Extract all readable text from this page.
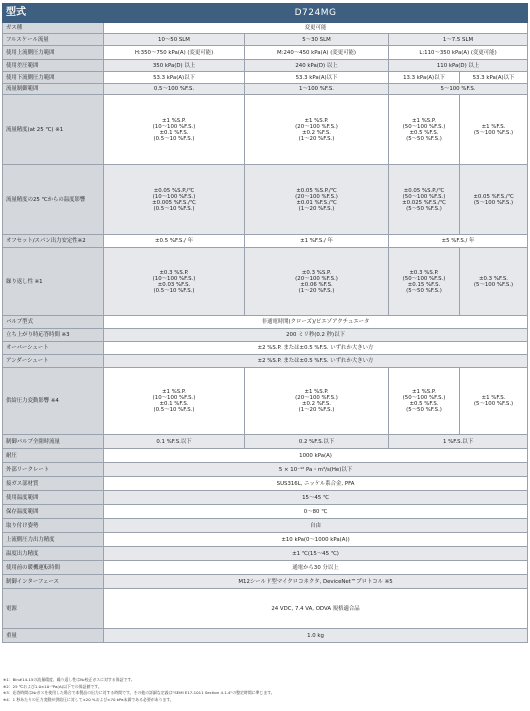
型式	D724MG			
ガス種	変更可能			
フルスケール流量	10〜50 SLM	5〜30 SLM	1〜7.5 SLM	
使用上流側圧力範囲	H:350〜750 kPa(A) (変更可能)	M:240〜450 kPa(A) (変更可能)	L:110〜350 kPa(A) (変更可能)	
使用差圧範囲	350 kPa(D) 以上	240 kPa(D) 以上	110 kPa(D) 以上	
使用下流側圧力範囲	53.3 kPa(A)以下	53.3 kPa(A)以下	13.3 kPa(A)以下	53.3 kPa(A)以下
流量制御範囲	0.5〜100 %F.S.	1〜100 %F.S.	5〜100 %F.S.	
流量精度(at 25 ℃) ※1	±1 %S.P.
(10〜100 %F.S.)
±0.1 %F.S.
(0.5〜10 %F.S.)	±1 %S.P.
(20〜100 %F.S.)
±0.2 %F.S.
(1〜20 %F.S.)	±1 %S.P.
(50〜100 %F.S.)
±0.5 %F.S.
(5〜50 %F.S.)	±1 %F.S.
(5〜100 %F.S.)
流量精度の25 ℃からの温度影響	±0.05 %S.P./℃
(10〜100 %F.S.)
±0.005 %F.S./℃
(0.5〜10 %F.S.)	±0.05 %S.P./℃
(20〜100 %F.S.)
±0.01 %F.S./℃
(1〜20 %F.S.)	±0.05 %S.P./℃
(50〜100 %F.S.)
±0.025 %F.S./℃
(5〜50 %F.S.)	±0.05 %F.S./℃
(5〜100 %F.S.)
オフセット/スパン出力安定性※2	±0.5 %F.S./ 年	±1 %F.S./ 年	±5 %F.S./ 年	
繰り返し性 ※1	±0.3 %S.P.
(10〜100 %F.S.)
±0.03 %F.S.
(0.5〜10 %F.S.)	±0.3 %S.P.
(20〜100 %F.S.)
±0.06 %F.S.
(1〜20 %F.S.)	±0.3 %S.P.
(50〜100 %F.S.)
±0.15 %F.S.
(5〜50 %F.S.)	±0.3 %F.S.
(5〜100 %F.S.)
バルブ型式	非通電時開(クローズ)/ピエゾアクチュエータ			
立ち上がり時応答時間 ※3	200 ミリ秒(0.2 秒)以下			
オーバーシュート	±2 %S.P. または±0.5 %F.S. いずれか大きい方			
アンダーシュート	±2 %S.P. または±0.5 %F.S. いずれか大きい方			
供給圧力変動影響 ※4	±1 %S.P.
(10〜100 %F.S.)
±0.1 %F.S.
(0.5〜10 %F.S.)	±1 %S.P.
(20〜100 %F.S.)
±0.2 %F.S.
(1〜20 %F.S.)	±1 %S.P.
(50〜100 %F.S.)
±0.5 %F.S.
(5〜50 %F.S.)	±1 %F.S.
(5〜100 %F.S.)
制御バルブ全閉時流量	0.1 %F.S.以下	0.2 %F.S.以下	1 %F.S.以下	
耐圧	1000 kPa(A)			
外部リークレート	5 × 10⁻¹² Pa・m³/s(He)以下			
接ガス部材質	SUS316L, ニッケル系合金, PFA			
使用温度範囲	15〜45 ℃			
保存温度範囲	0〜80 ℃			
取り付け姿勢	自由			
上流側圧力出力精度	±10 kPa(0〜1000 kPa(A))			
温度出力精度	±1 ℃(15〜45 ℃)			
使用前の暖機運転時間	通電から30 分以上			
制御インターフェース	M12シールド型マイクロコネクタ, DeviceNet™プロトコル ※5			
電源	24 VDC, 7.4 VA, ODVA 規格適合品			
重量	1.0 kg			
※1：Bin#14-15の流量精度、繰り返し性はN₂校正ガスに対する保証です。
※2：25 ℃および1.0×10⁻¹Pa(A)以下での保証値です。
※3：応答時間はN₂ガスを使用した場合で本製品の出力に対する時間です。その他の詳細な定義は"SEMI E17-1011 Section 4.1.4"の整定時間に準じます。
※4：1 秒あたりの圧力変動が供給圧に対して±20 %および±70 kPa未満である必要があります。
